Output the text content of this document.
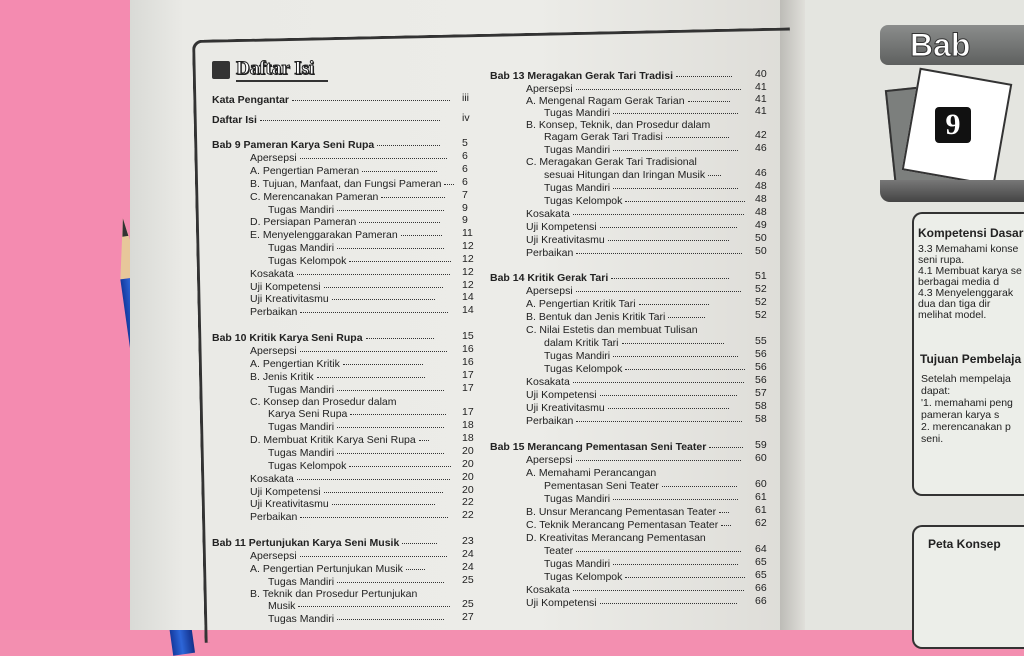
Daftar Isi
Kata Pengantar	iii
Daftar Isi	iv
Bab 9 Pameran Karya Seni Rupa	5
Apersepsi	6
A. Pengertian Pameran	6
B. Tujuan, Manfaat, dan Fungsi Pameran	6
C. Merencanakan Pameran	7
Tugas Mandiri	9
D. Persiapan Pameran	9
E. Menyelenggarakan Pameran	11
Tugas Mandiri	12
Tugas Kelompok	12
Kosakata	12
Uji Kompetensi	12
Uji Kreativitasmu	14
Perbaikan	14
Bab 10 Kritik Karya Seni Rupa	15
Apersepsi	16
A. Pengertian Kritik	16
B. Jenis Kritik	17
Tugas Mandiri	17
C. Konsep dan Prosedur dalam
Karya Seni Rupa	17
Tugas Mandiri	18
D. Membuat Kritik Karya Seni Rupa	18
Tugas Mandiri	20
Tugas Kelompok	20
Kosakata	20
Uji Kompetensi	20
Uji Kreativitasmu	22
Perbaikan	22
Bab 11 Pertunjukan Karya Seni Musik	23
Apersepsi	24
A. Pengertian Pertunjukan Musik	24
Tugas Mandiri	25
B. Teknik dan Prosedur Pertunjukan
Musik	25
Tugas Mandiri	27
Bab 13 Meragakan Gerak Tari Tradisi	40
Apersepsi	41
A. Mengenal Ragam Gerak Tarian	41
Tugas Mandiri	41
B. Konsep, Teknik, dan Prosedur dalam
Ragam Gerak Tari Tradisi	42
Tugas Mandiri	46
C. Meragakan Gerak Tari Tradisional
sesuai Hitungan dan Iringan Musik	46
Tugas Mandiri	48
Tugas Kelompok	48
Kosakata	48
Uji Kompetensi	49
Uji Kreativitasmu	50
Perbaikan	50
Bab 14 Kritik Gerak Tari	51
Apersepsi	52
A. Pengertian Kritik Tari	52
B. Bentuk dan Jenis Kritik Tari	52
C. Nilai Estetis dan membuat Tulisan
dalam Kritik Tari	55
Tugas Mandiri	56
Tugas Kelompok	56
Kosakata	56
Uji Kompetensi	57
Uji Kreativitasmu	58
Perbaikan	58
Bab 15 Merancang Pementasan Seni Teater	59
Apersepsi	60
A. Memahami Perancangan
Pementasan Seni Teater	60
Tugas Mandiri	61
B. Unsur Merancang Pementasan Teater	61
C. Teknik Merancang Pementasan Teater	62
D. Kreativitas Merancang Pementasan
Teater	64
Tugas Mandiri	65
Tugas Kelompok	65
Kosakata	66
Uji Kompetensi	66
Bab
9
Kompetensi Dasar
3.3 Memahami konse
seni rupa.
4.1 Membuat karya se
berbagai media d
4.3 Menyelenggarak
dua dan tiga dir
melihat model.
Tujuan Pembelaja
Setelah mempelaja
dapat:
'1. memahami peng
pameran karya s
2. merencanakan p
seni.
Peta Konsep
